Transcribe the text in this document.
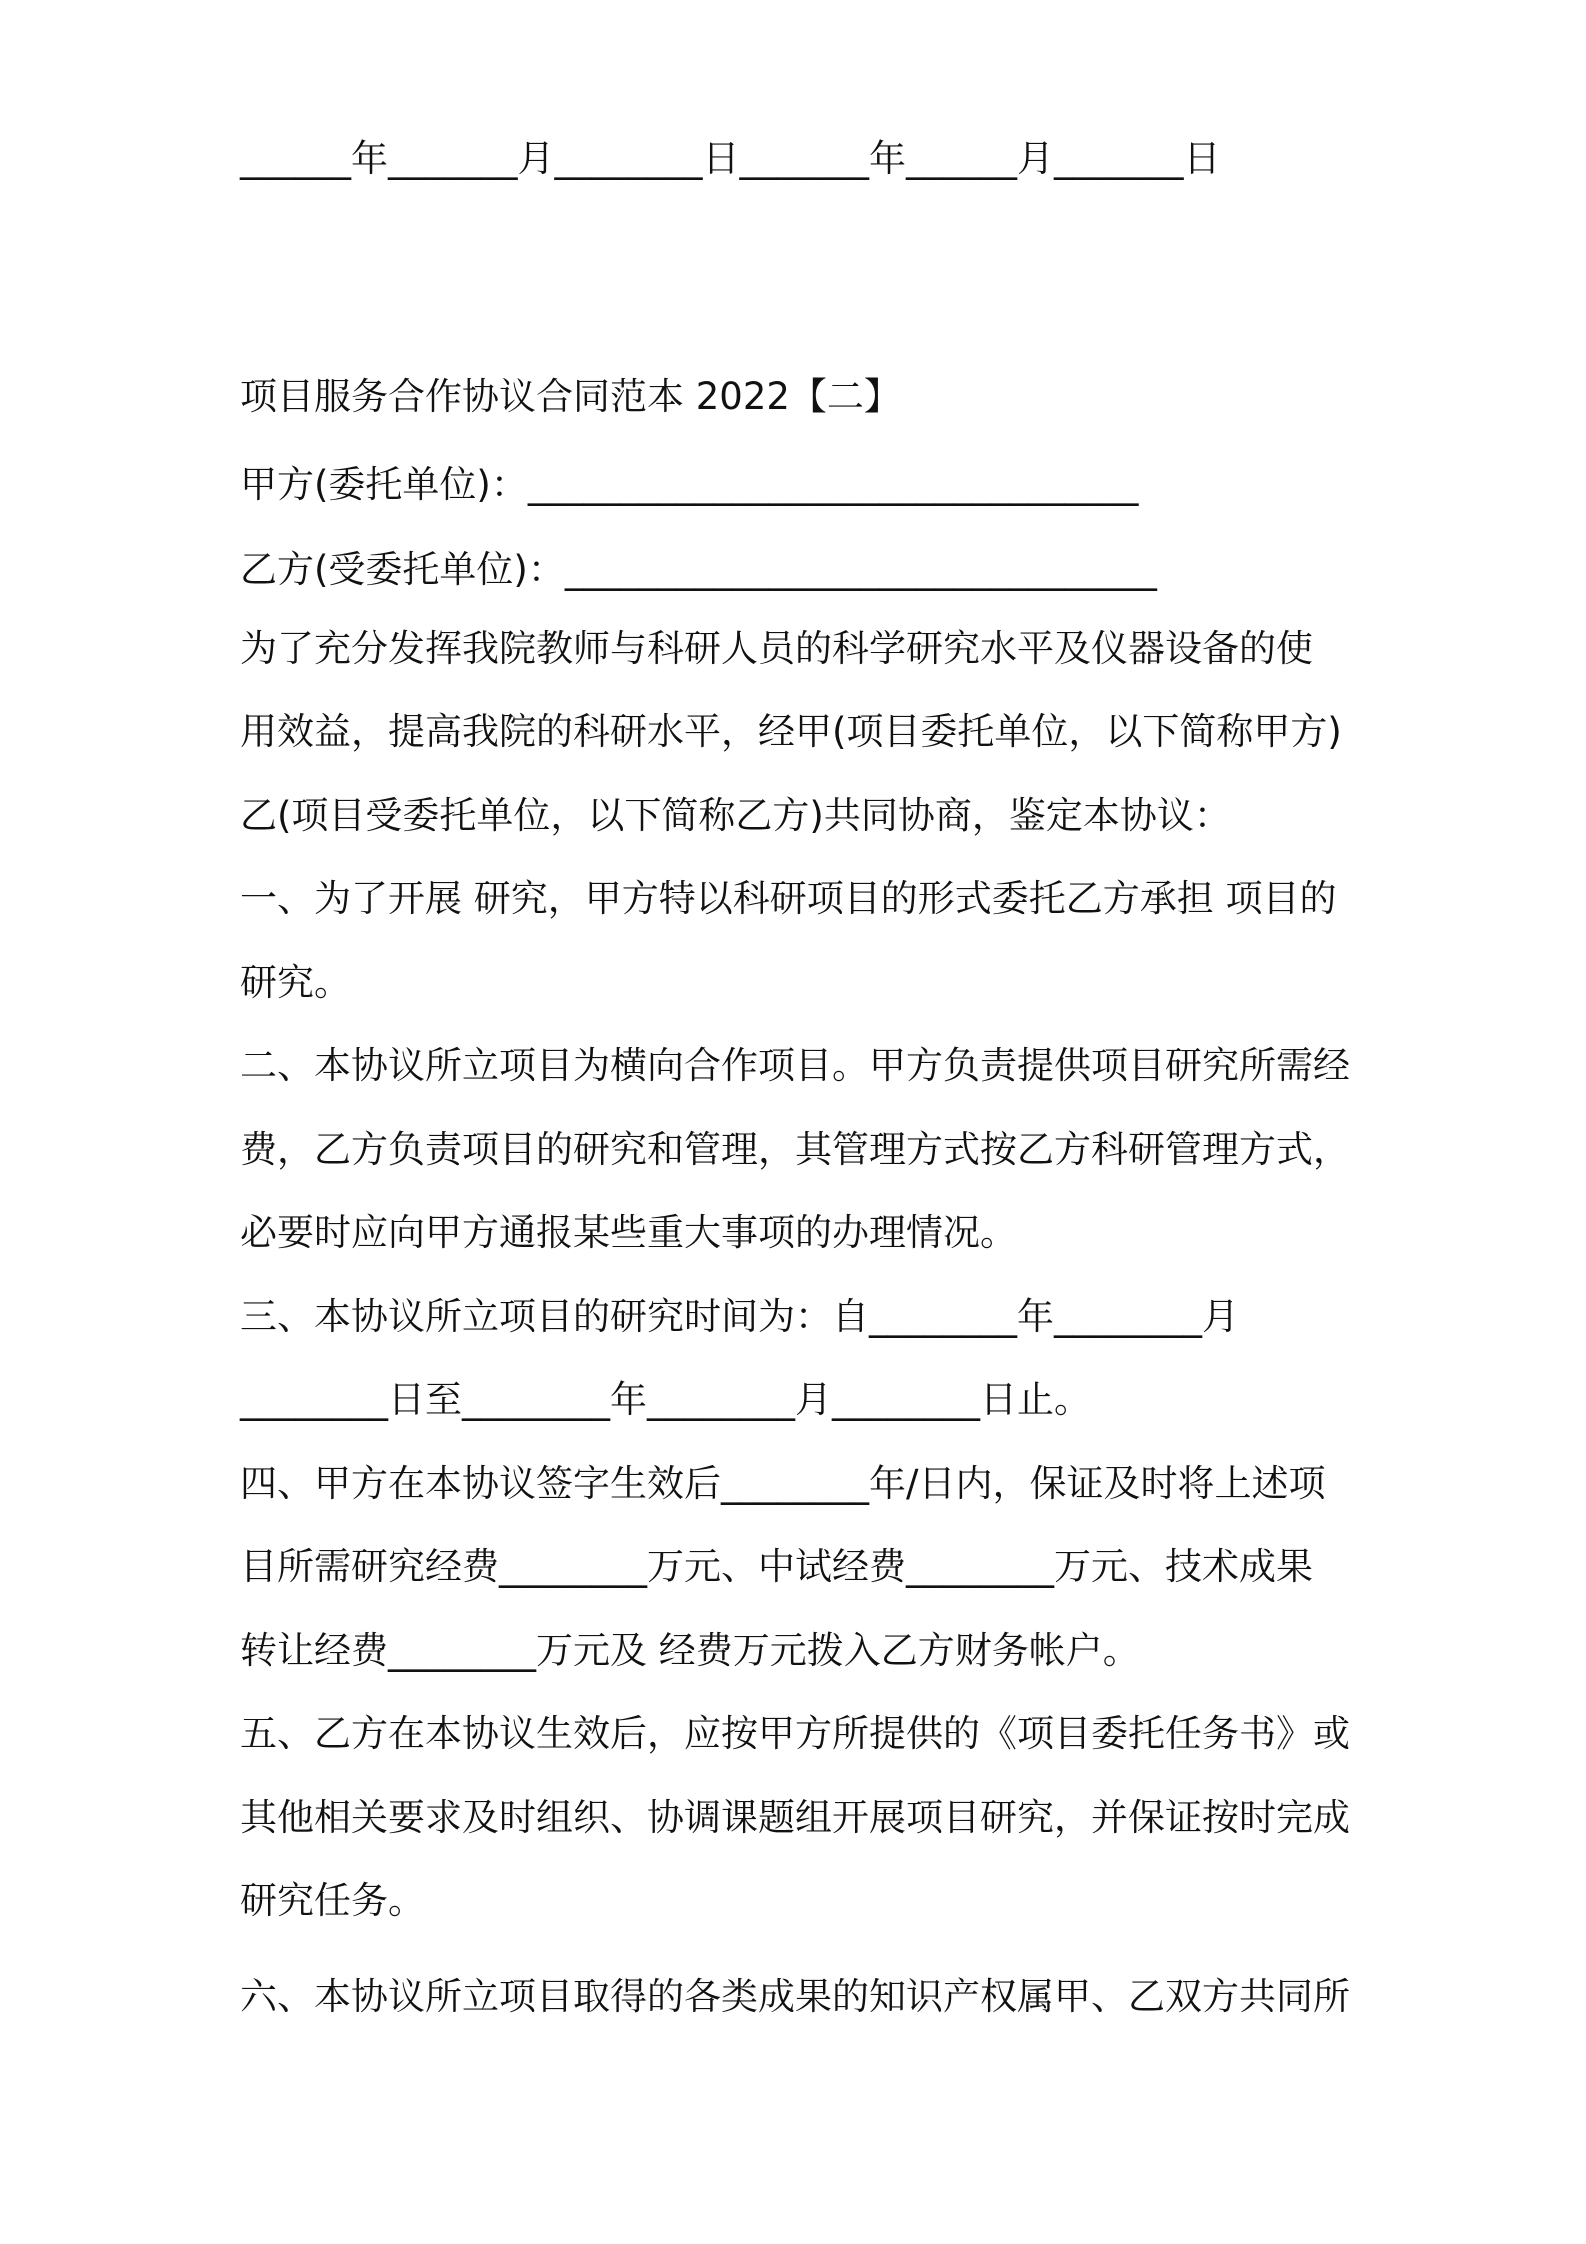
______年_______月________日_______年______月_______日
项目服务合作协议合同范本 2022【二】
甲方(委托单位)：_________________________________
乙方(受委托单位)：________________________________
为了充分发挥我院教师与科研人员的科学研究水平及仪器设备的使
用效益，提高我院的科研水平，经甲(项目委托单位，以下简称甲方)
乙(项目受委托单位，以下简称乙方)共同协商，鉴定本协议：
一、为了开展 研究，甲方特以科研项目的形式委托乙方承担 项目的
研究。
二、本协议所立项目为横向合作项目。甲方负责提供项目研究所需经
费，乙方负责项目的研究和管理，其管理方式按乙方科研管理方式，
必要时应向甲方通报某些重大事项的办理情况。
三、本协议所立项目的研究时间为：自________年________月
________日至________年________月________日止。
四、甲方在本协议签字生效后________年/日内，保证及时将上述项
目所需研究经费________万元、中试经费________万元、技术成果
转让经费________万元及 经费万元拨入乙方财务帐户。
五、乙方在本协议生效后，应按甲方所提供的《项目委托任务书》或
其他相关要求及时组织、协调课题组开展项目研究，并保证按时完成
研究任务。
六、本协议所立项目取得的各类成果的知识产权属甲、乙双方共同所
